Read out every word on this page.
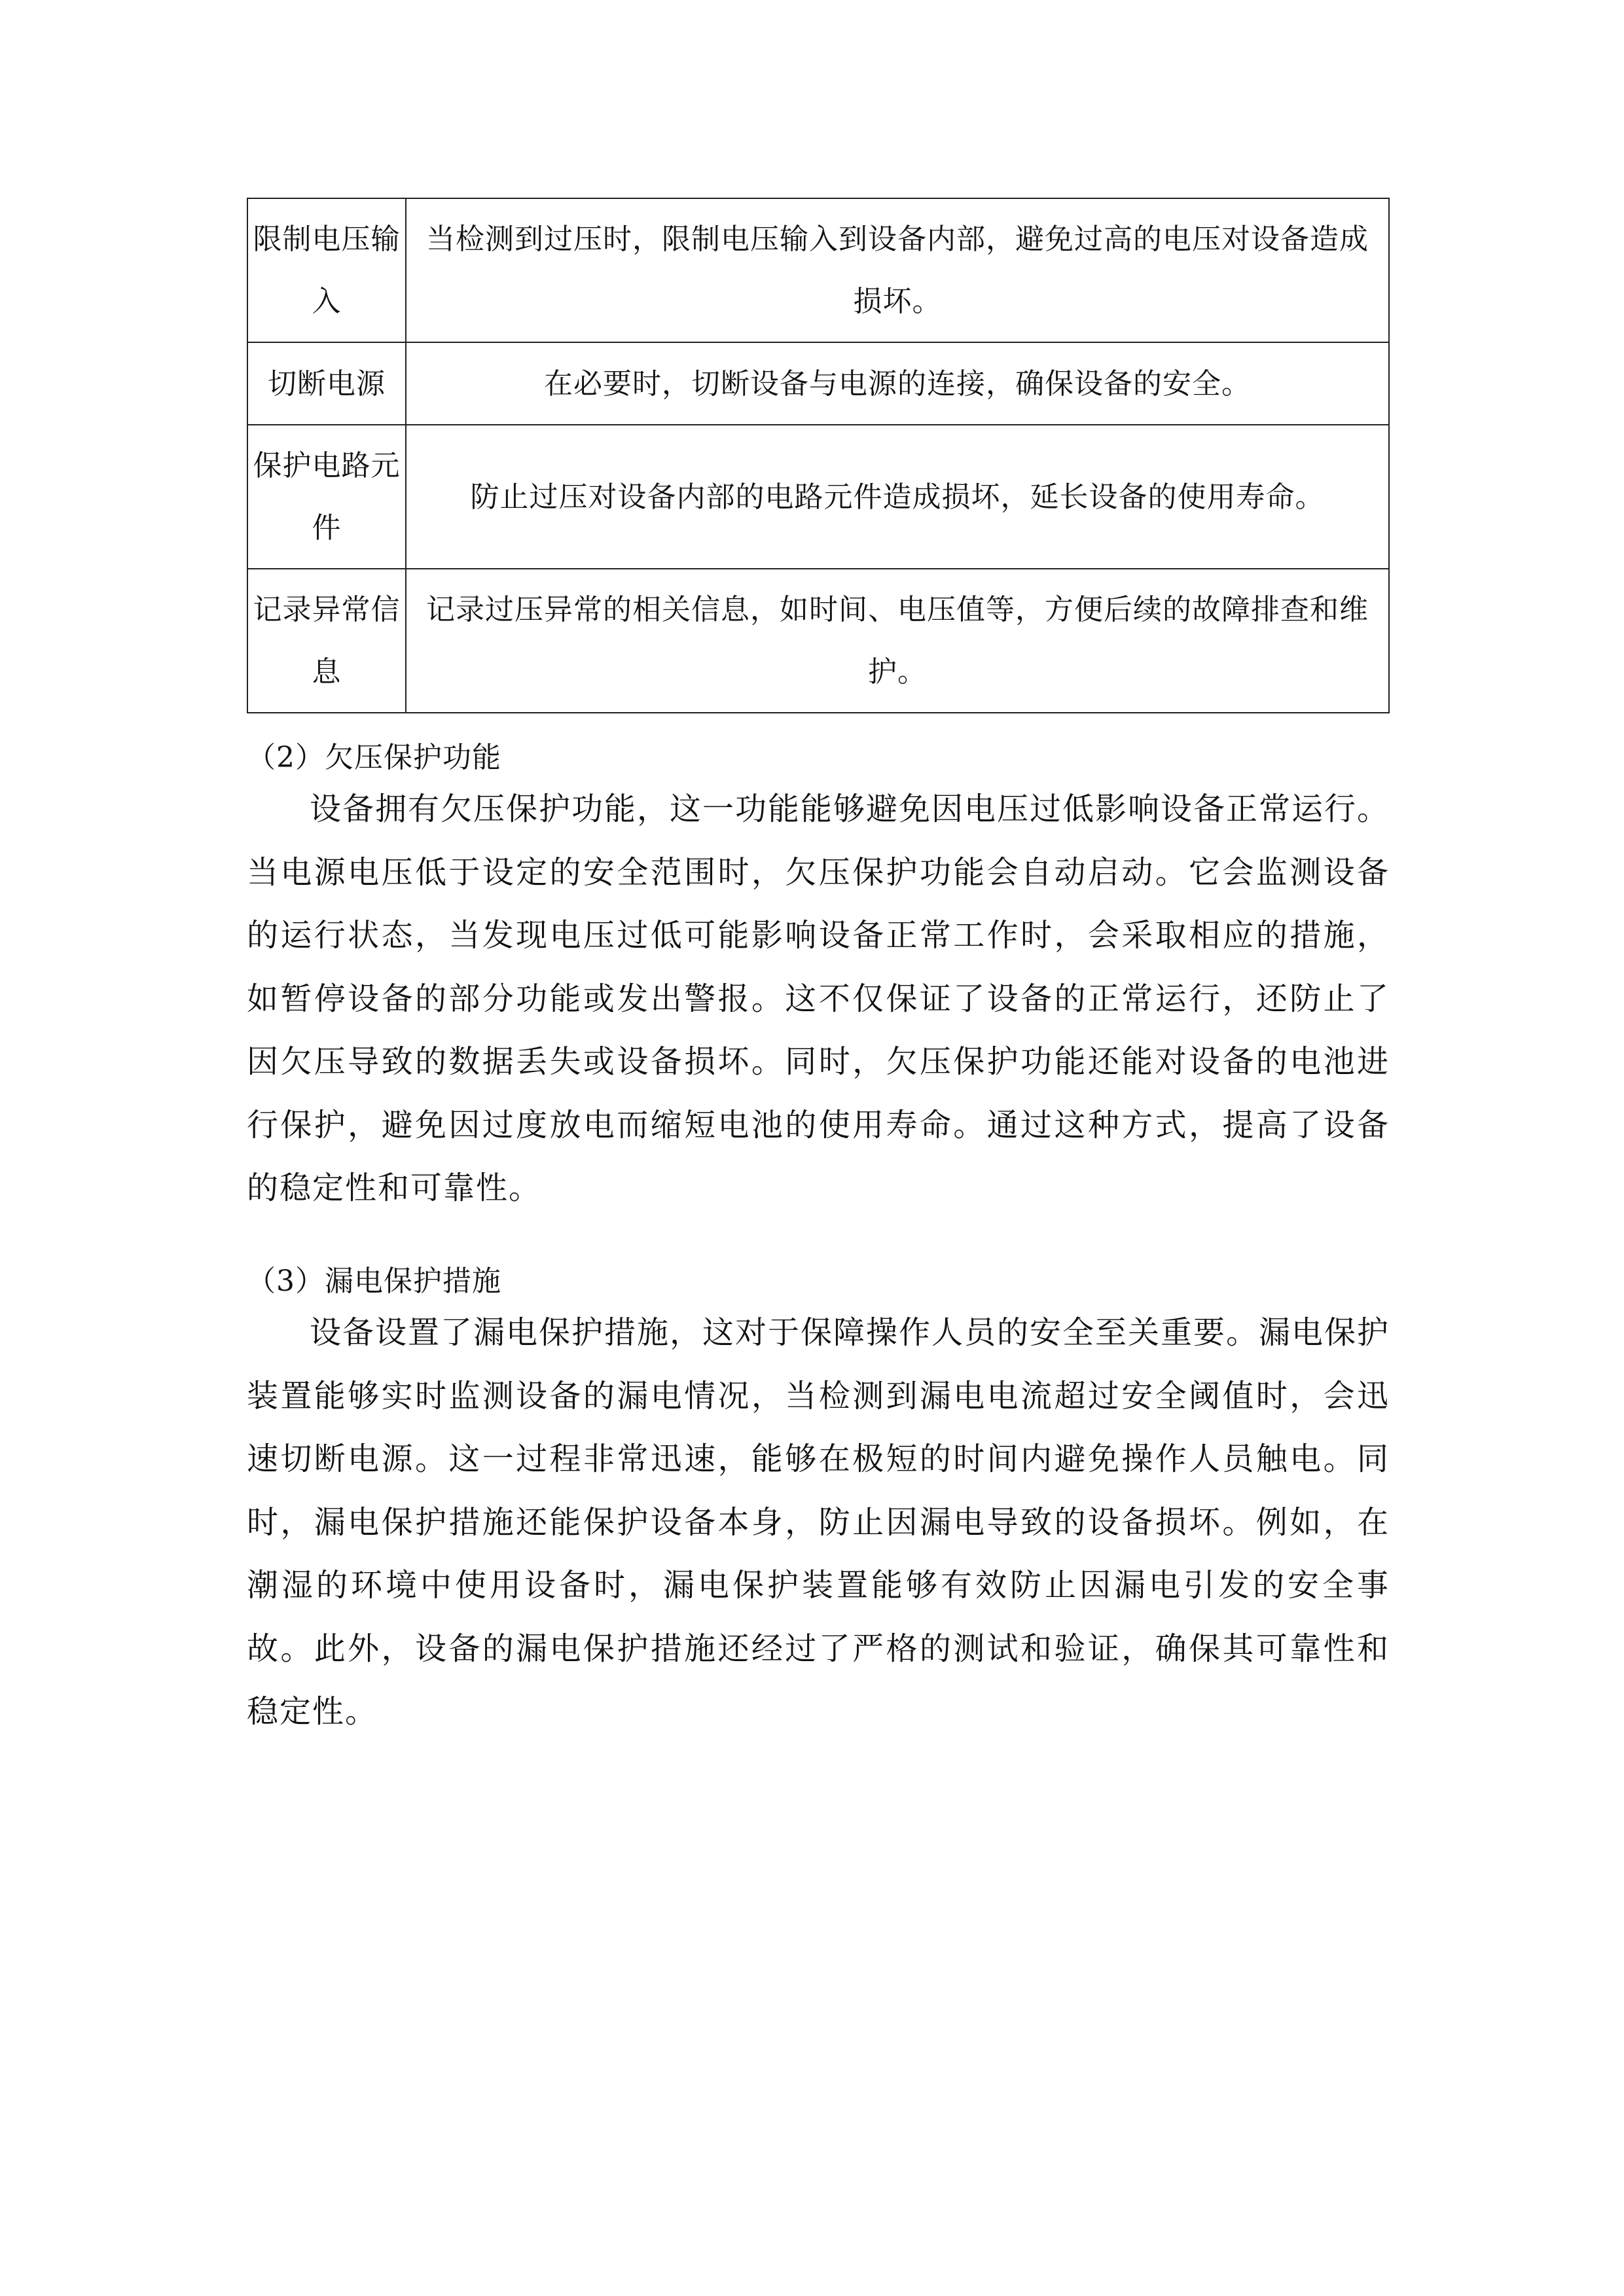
限制电压输入	当检测到过压时，限制电压输入到设备内部，避免过高的电压对设备造成损坏。
切断电源	在必要时，切断设备与电源的连接，确保设备的安全。
保护电路元件	防止过压对设备内部的电路元件造成损坏，延长设备的使用寿命。
记录异常信息	记录过压异常的相关信息，如时间、电压值等，方便后续的故障排查和维护。
（2）欠压保护功能

设备拥有欠压保护功能，这一功能能够避免因电压过低影响设备正常运行。当电源电压低于设定的安全范围时，欠压保护功能会自动启动。它会监测设备的运行状态，当发现电压过低可能影响设备正常工作时，会采取相应的措施，如暂停设备的部分功能或发出警报。这不仅保证了设备的正常运行，还防止了因欠压导致的数据丢失或设备损坏。同时，欠压保护功能还能对设备的电池进行保护，避免因过度放电而缩短电池的使用寿命。通过这种方式，提高了设备的稳定性和可靠性。

（3）漏电保护措施

设备设置了漏电保护措施，这对于保障操作人员的安全至关重要。漏电保护装置能够实时监测设备的漏电情况，当检测到漏电电流超过安全阈值时，会迅速切断电源。这一过程非常迅速，能够在极短的时间内避免操作人员触电。同时，漏电保护措施还能保护设备本身，防止因漏电导致的设备损坏。例如，在潮湿的环境中使用设备时，漏电保护装置能够有效防止因漏电引发的安全事故。此外，设备的漏电保护措施还经过了严格的测试和验证，确保其可靠性和稳定性。
